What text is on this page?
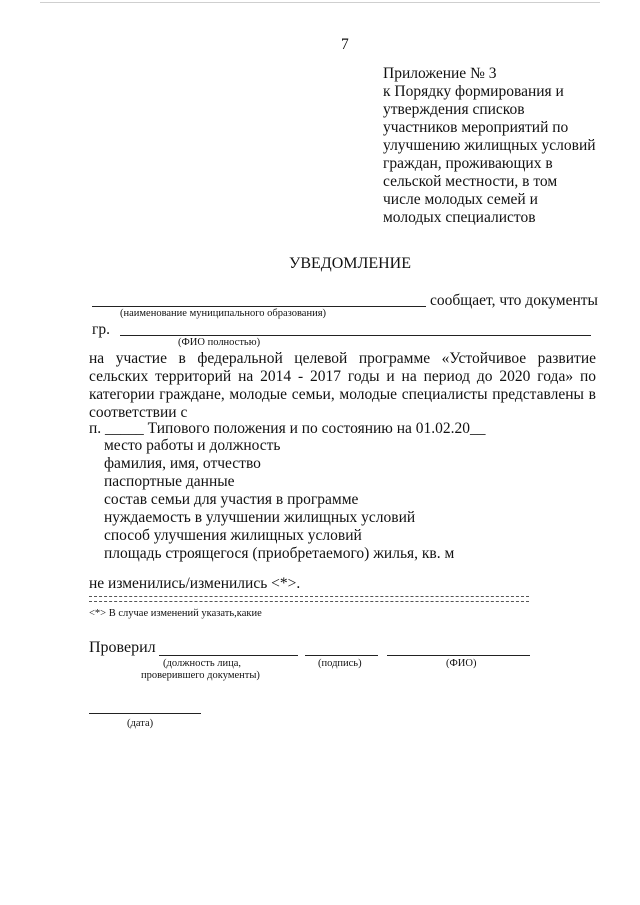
7
Приложение № 3
к Порядку формирования и
утверждения списков
участников мероприятий по
улучшению жилищных условий
граждан, проживающих в
сельской местности, в том
числе молодых семей и
молодых специалистов
УВЕДОМЛЕНИЕ
сообщает, что документы
(наименование муниципального образования)
гр.
(ФИО полностью)
на участие в федеральной целевой программе «Устойчивое развитие
сельских территорий на 2014 - 2017 годы и на период до 2020 года» по
категории граждане, молодые семьи, молодые специалисты представлены в
соответствии с
п. _____ Типового положения и по состоянию на 01.02.20__
место работы и должность
фамилия, имя, отчество
паспортные данные
состав семьи для участия в программе
нуждаемость в улучшении жилищных условий
способ улучшения жилищных условий
площадь строящегося (приобретаемого) жилья, кв. м
не изменились/изменились <*>.
<*> В случае изменений указать,какие
Проверил
(должность лица,
проверившего документы)
(подпись)	(ФИО)
(дата)
